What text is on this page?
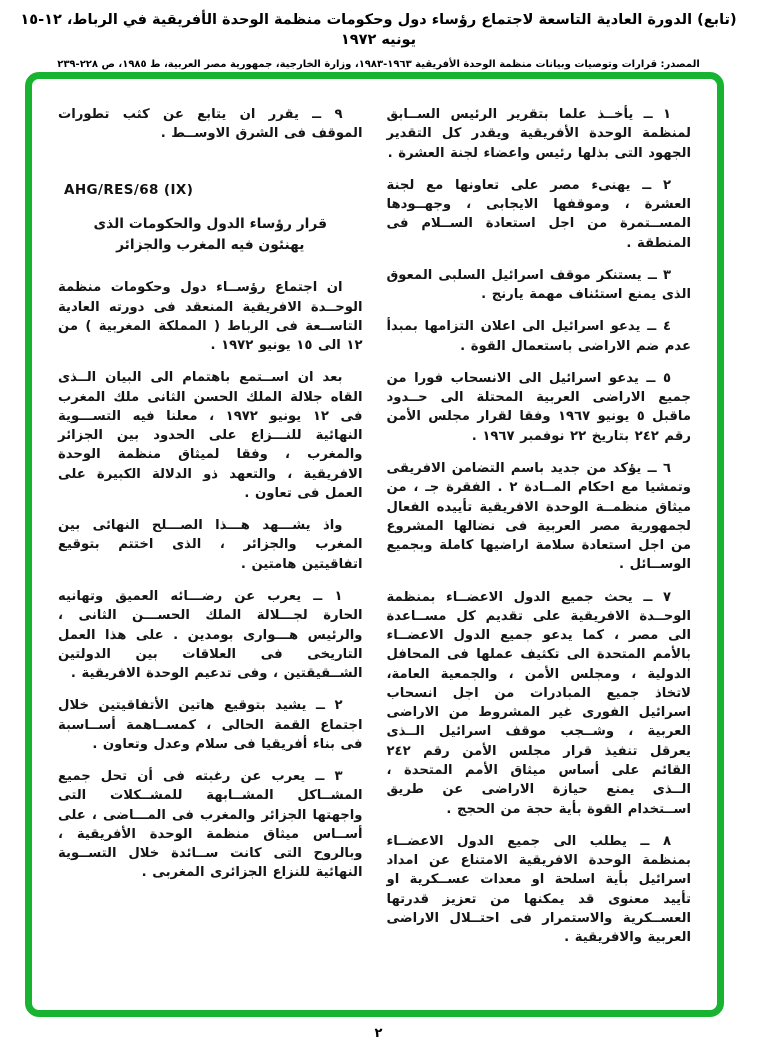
(تابع) الدورة العادية التاسعة لاجتماع رؤساء دول وحكومات منظمة الوحدة الأفريقية في الرباط، ١٢-١٥ يونيه ١٩٧٢
المصدر: قرارات وتوصيات وبيانات منظمة الوحدة الأفريقية ١٩٦٣-١٩٨٣، وزارة الخارجية، جمهورية مصر العربية، ط ١٩٨٥، ص ٢٢٨-٢٣٩

١ ــ يأخــذ علما بتقرير الرئيس الســابق لمنظمة الوحدة الأفريقية ويقدر كل التقدير الجهود التى بذلها رئيس واعضاء لجنة العشرة .

٢ ــ يهنىء مصر على تعاونها مع لجنة العشرة ، وموقفها الايجابى ، وجهــودها المســتمرة من اجل استعادة الســلام فى المنطقة .

٣ ــ يستنكر موقف اسرائيل السلبى المعوق الذى يمنع استئناف مهمة يارنج .

٤ ــ يدعو اسرائيل الى اعلان التزامها بمبدأ عدم ضم الاراضى باستعمال القوة .

٥ ــ يدعو اسرائيل الى الانسحاب فورا من جميع الاراضى العربية المحتلة الى حــدود ماقبل ٥ يونيو ١٩٦٧ وفقا لقرار مجلس الأمن رقم ٢٤٢ بتاريخ ٢٢ نوفمبر ١٩٦٧ .

٦ ــ يؤكد من جديد باسم التضامن الافريقى وتمشيا مع احكام المــادة ٢ . الفقرة جـ ، من ميثاق منظمــة الوحدة الافريقية تأييده الفعال لجمهورية مصر العربية فى نضالها المشروع من اجل استعادة سلامة اراضيها كاملة وبجميع الوســائل .

٧ ــ يحث جميع الدول الاعضــاء بمنظمة الوحــدة الافريقية على تقديم كل مســاعدة الى مصر ، كما يدعو جميع الدول الاعضــاء بالأمم المتحدة الى تكثيف عملها فى المحافل الدولية ، ومجلس الأمن ، والجمعية العامة، لاتخاذ جميع المبادرات من اجل انسحاب اسرائيل الفورى غير المشروط من الاراضى العربية ، وشــجب موقف اسرائيل الــذى يعرقل تنفيذ قرار مجلس الأمن رقم ٢٤٢ القائم على أساس ميثاق الأمم المتحدة ، الــذى يمنع حيازة الاراضى عن طريق اســتخدام القوة بأية حجة من الحجج .

٨ ــ يطلب الى جميع الدول الاعضــاء بمنظمة الوحدة الافريقية الامتناع عن امداد اسرائيل بأية اسلحة او معدات عســكرية او تأييد معنوى قد يمكنها من تعزيز قدرتها العســكرية والاستمرار فى احتــلال الاراضى العربية والافريقية .

٩ ــ يقرر ان يتابع عن كثب تطورات الموقف فى الشرق الاوســط .

AHG/RES/68 (IX)
قرار رؤساء الدول والحكومات الذى يهنئون فيه المغرب والجزائر

ان اجتماع رؤســاء دول وحكومات منظمة الوحــدة الافريقية المنعقد فى دورته العادية التاســعة فى الرباط ( المملكة المغربية ) من ١٢ الى ١٥ يونيو ١٩٧٢ .

بعد ان اســتمع باهتمام الى البيان الــذى القاه جلالة الملك الحسن الثانى ملك المغرب فى ١٢ يونيو ١٩٧٢ ، معلنا فيه التســـوية النهائية للنـــزاع على الحدود بين الجزائر والمغرب ، وفقا لميثاق منظمة الوحدة الافريقية ، والتعهد ذو الدلالة الكبيرة على العمل فى تعاون .

واذ يشـــهد هـــذا الصـــلح النهائى بين المغرب والجزائر ، الذى اختتم بتوقيع اتفاقيتين هامتين .

١ ــ يعرب عن رضـــائه العميق وتهانيه الحارة لجـــلالة الملك الحســـن الثانى ، والرئيس هـــوارى بومدين . على هذا العمل التاريخى فى العلاقات بين الدولتين الشــقيقتين ، وفى تدعيم الوحدة الافريقية .

٢ ــ يشيد بتوقيع هاتين الأتفاقيتين خلال اجتماع القمة الحالى ، كمســاهمة أســاسبة فى بناء أفريقيا فى سلام وعدل وتعاون .

٣ ــ يعرب عن رغبته فى أن تحل جميع المشــاكل المشــابهة للمشــكلات التى واجهتها الجزائر والمغرب فى المـــاضى ، على أســاس ميثاق منظمة الوحدة الأفريقية ، وبالروح التى كانت ســائدة خلال التســوية النهائية للنزاع الجزائرى المغربى .

٢
